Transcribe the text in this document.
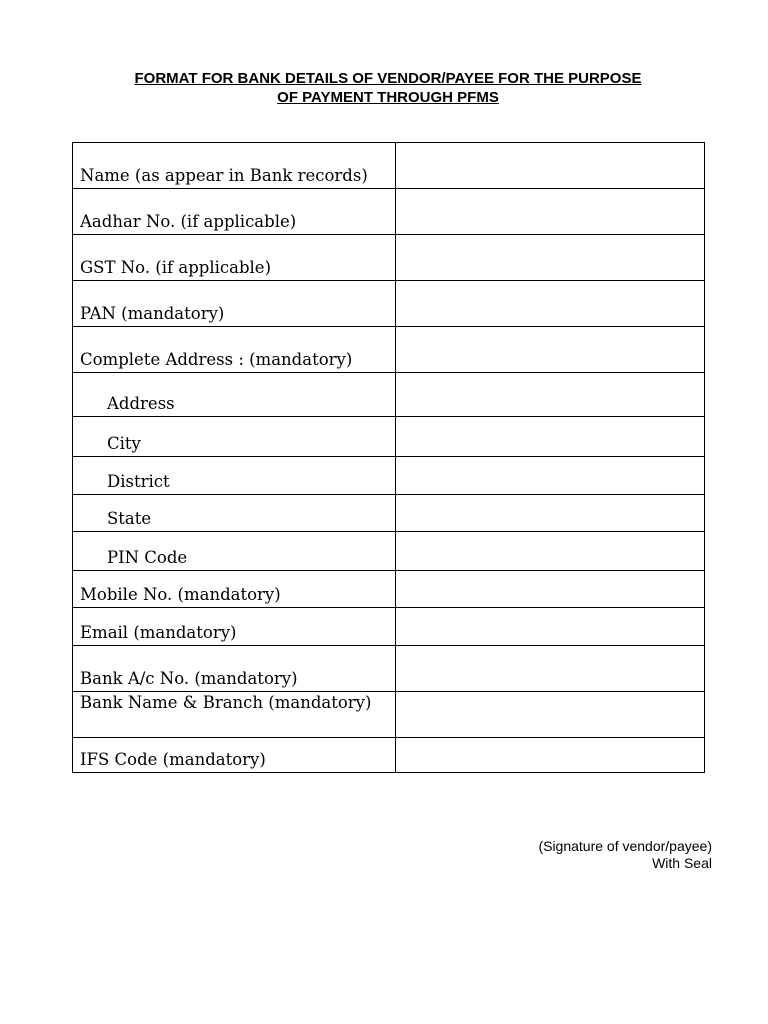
FORMAT FOR BANK DETAILS OF VENDOR/PAYEE FOR THE PURPOSE
OF PAYMENT THROUGH PFMS
Name (as appear in Bank records)	
Aadhar No. (if applicable)	
GST No. (if applicable)	
PAN (mandatory)	
Complete Address : (mandatory)	
Address	
City	
District	
State	
PIN Code	
Mobile No. (mandatory)	
Email (mandatory)	
Bank A/c No. (mandatory)	
Bank Name & Branch (mandatory)	
IFS Code (mandatory)	
(Signature of vendor/payee)
With Seal
